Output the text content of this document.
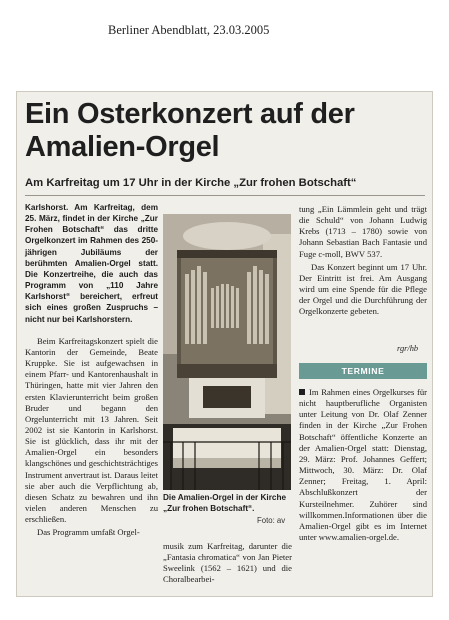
Berliner Abendblatt, 23.03.2005
Ein Osterkonzert auf der Amalien-Orgel
Am Karfreitag um 17 Uhr in der Kirche „Zur frohen Botschaft“

Karlshorst. Am Karfreitag, dem 25. März, findet in der Kirche „Zur Frohen Botschaft“ das dritte Orgelkonzert im Rahmen des 250-jährigen Jubiläums der berühmten Amalien-Orgel statt. Die Konzertreihe, die auch das Programm von „110 Jahre Karlshorst“ bereichert, erfreut sich eines großen Zuspruchs – nicht nur bei Karlshorstern.

Beim Karfreitagskonzert spielt die Kantorin der Gemeinde, Beate Kruppke. Sie ist aufgewachsen in einem Pfarr- und Kantorenhaushalt in Thüringen, hatte mit vier Jahren den ersten Klavierunterricht beim großen Bruder und begann den Orgelunterricht mit 13 Jahren. Seit 2002 ist sie Kantorin in Karlshorst. Sie ist glücklich, dass ihr mit der Amalien-Orgel ein besonders klangschönes und geschichtsträchtiges Instrument anvertraut ist. Daraus leitet sie aber auch die Verpflichtung ab, diesen Schatz zu bewahren und ihn vielen anderen Menschen zu erschließen.

Das Programm umfaßt Orgel-

Die Amalien-Orgel in der Kirche „Zur frohen Botschaft“.
Foto: av

musik zum Karfreitag, darunter die „Fantasia chromatica“ von Jan Pieter Sweelink (1562 – 1621) und die Choralbearbei-

tung „Ein Lämmlein geht und trägt die Schuld“ von Johann Ludwig Krebs (1713 – 1780) sowie von Johann Sebastian Bach Fantasie und Fuge c-moll, BWV 537.

Das Konzert beginnt um 17 Uhr. Der Eintritt ist frei. Am Ausgang wird um eine Spende für die Pflege der Orgel und die Durchführung der Orgelkonzerte gebeten.

rgr/hb
TERMINE

Im Rahmen eines Orgelkurses für nicht hauptberufliche Organisten unter Leitung von Dr. Olaf Zenner finden in der Kirche „Zur Frohen Botschaft“ öffentliche Konzerte an der Amalien-Orgel statt: Dienstag, 29. März: Prof. Johannes Geffert; Mittwoch, 30. März: Dr. Olaf Zenner; Freitag, 1. April: Abschlußkonzert der Kursteilnehmer. Zuhörer sind willkommen.Informationen über die Amalien-Orgel gibt es im Internet unter www.amalien-orgel.de.
